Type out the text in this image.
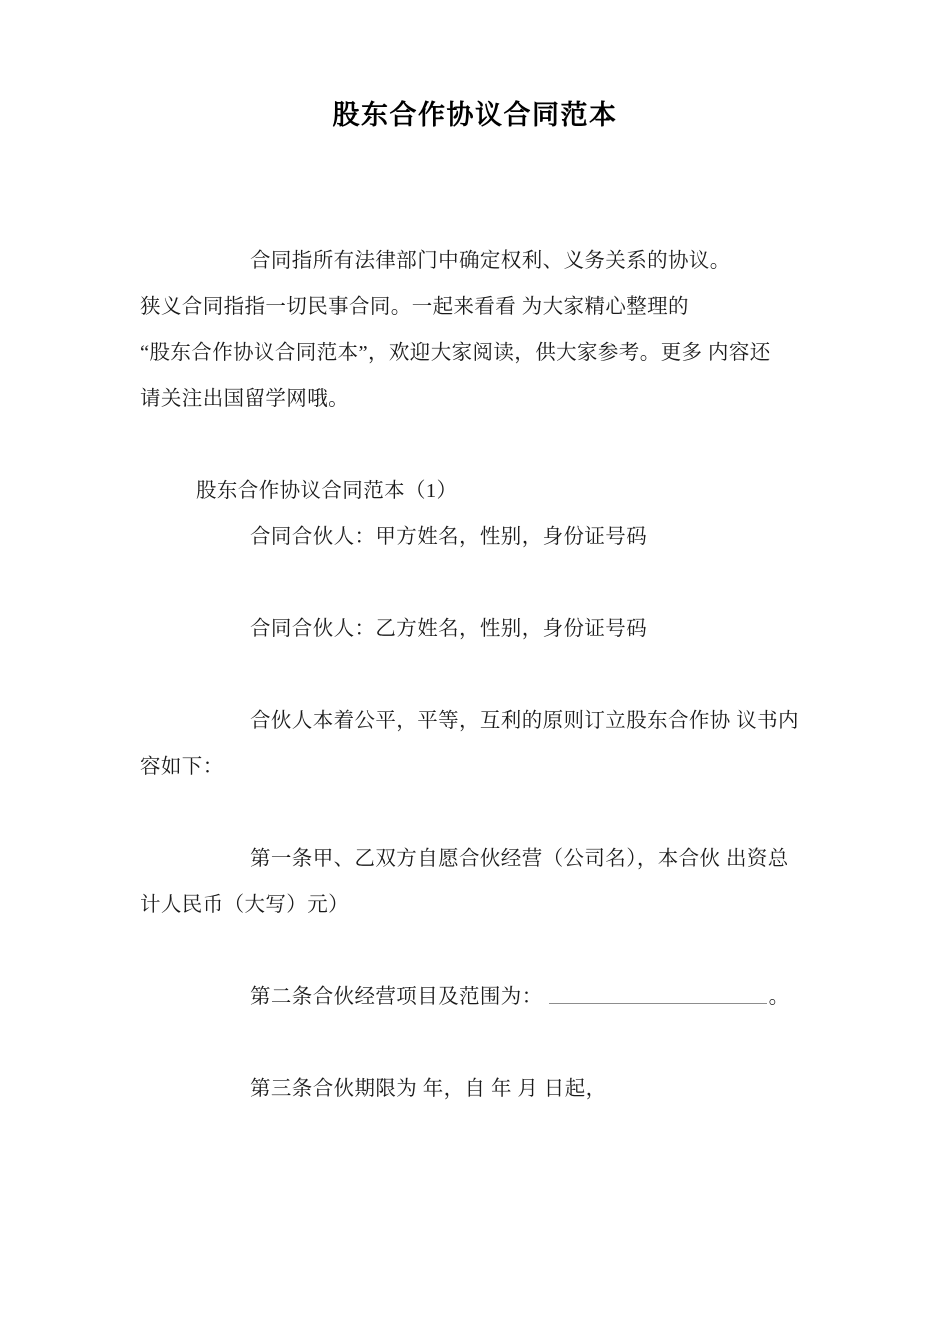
股东合作协议合同范本
合同指所有法律部门中确定权利、义务关系的协议。
狭义合同指指一切民事合同。一起来看看 为大家精心整理的
“股东合作协议合同范本”，欢迎大家阅读，供大家参考。更多 内容还
请关注出国留学网哦。
股东合作协议合同范本（1）
合同合伙人：甲方姓名，性别，身份证号码
合同合伙人：乙方姓名，性别，身份证号码
合伙人本着公平，平等，互利的原则订立股东合作协 议书内
容如下：
第一条甲、乙双方自愿合伙经营（公司名），本合伙 出资总
计人民币（大写）元）
第二条合伙经营项目及范围为：	。
第三条合伙期限为 年，自 年 月 日起，
